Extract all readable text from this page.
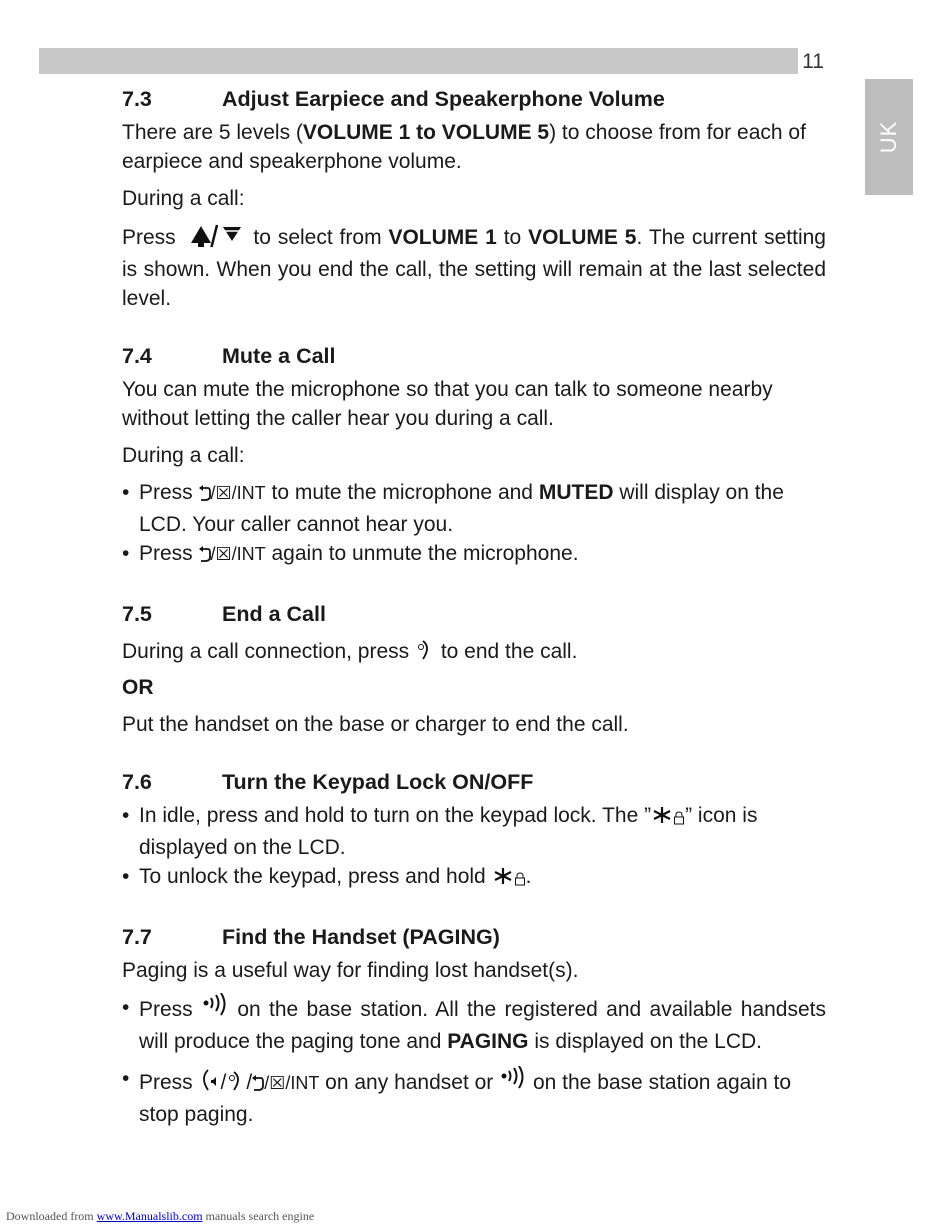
11
UK
7.3	Adjust Earpiece and Speakerphone Volume

There are 5 levels (VOLUME 1 to VOLUME 5) to choose from for each of earpiece and speakerphone volume.

During a call:

Press	to select from VOLUME 1 to VOLUME 5. The current setting is shown. When you end the call, the setting will remain at the last selected level.

7.4	Mute a Call

You can mute the microphone so that you can talk to someone nearby without letting the caller hear you during a call.

During a call:

• Press /☒/INT to mute the microphone and MUTED will display on the LCD. Your caller cannot hear you.
• Press /☒/INT again to unmute the microphone.
7.5	End a Call

During a call connection, press  to end the call.

OR

Put the handset on the base or charger to end the call.

7.6	Turn the Keypad Lock ON/OFF
• In idle, press and hold to turn on the keypad lock. The ” ” icon is displayed on the LCD.
• To unlock the keypad, press and hold .
7.7	Find the Handset (PAGING)

Paging is a useful way for finding lost handset(s).

• Press  on the base station. All the registered and available handsets will produce the paging tone and PAGING is displayed on the LCD.
• Press / / /☒/INT on any handset or  on the base station again to stop paging.
Downloaded from www.Manualslib.com manuals search engine
